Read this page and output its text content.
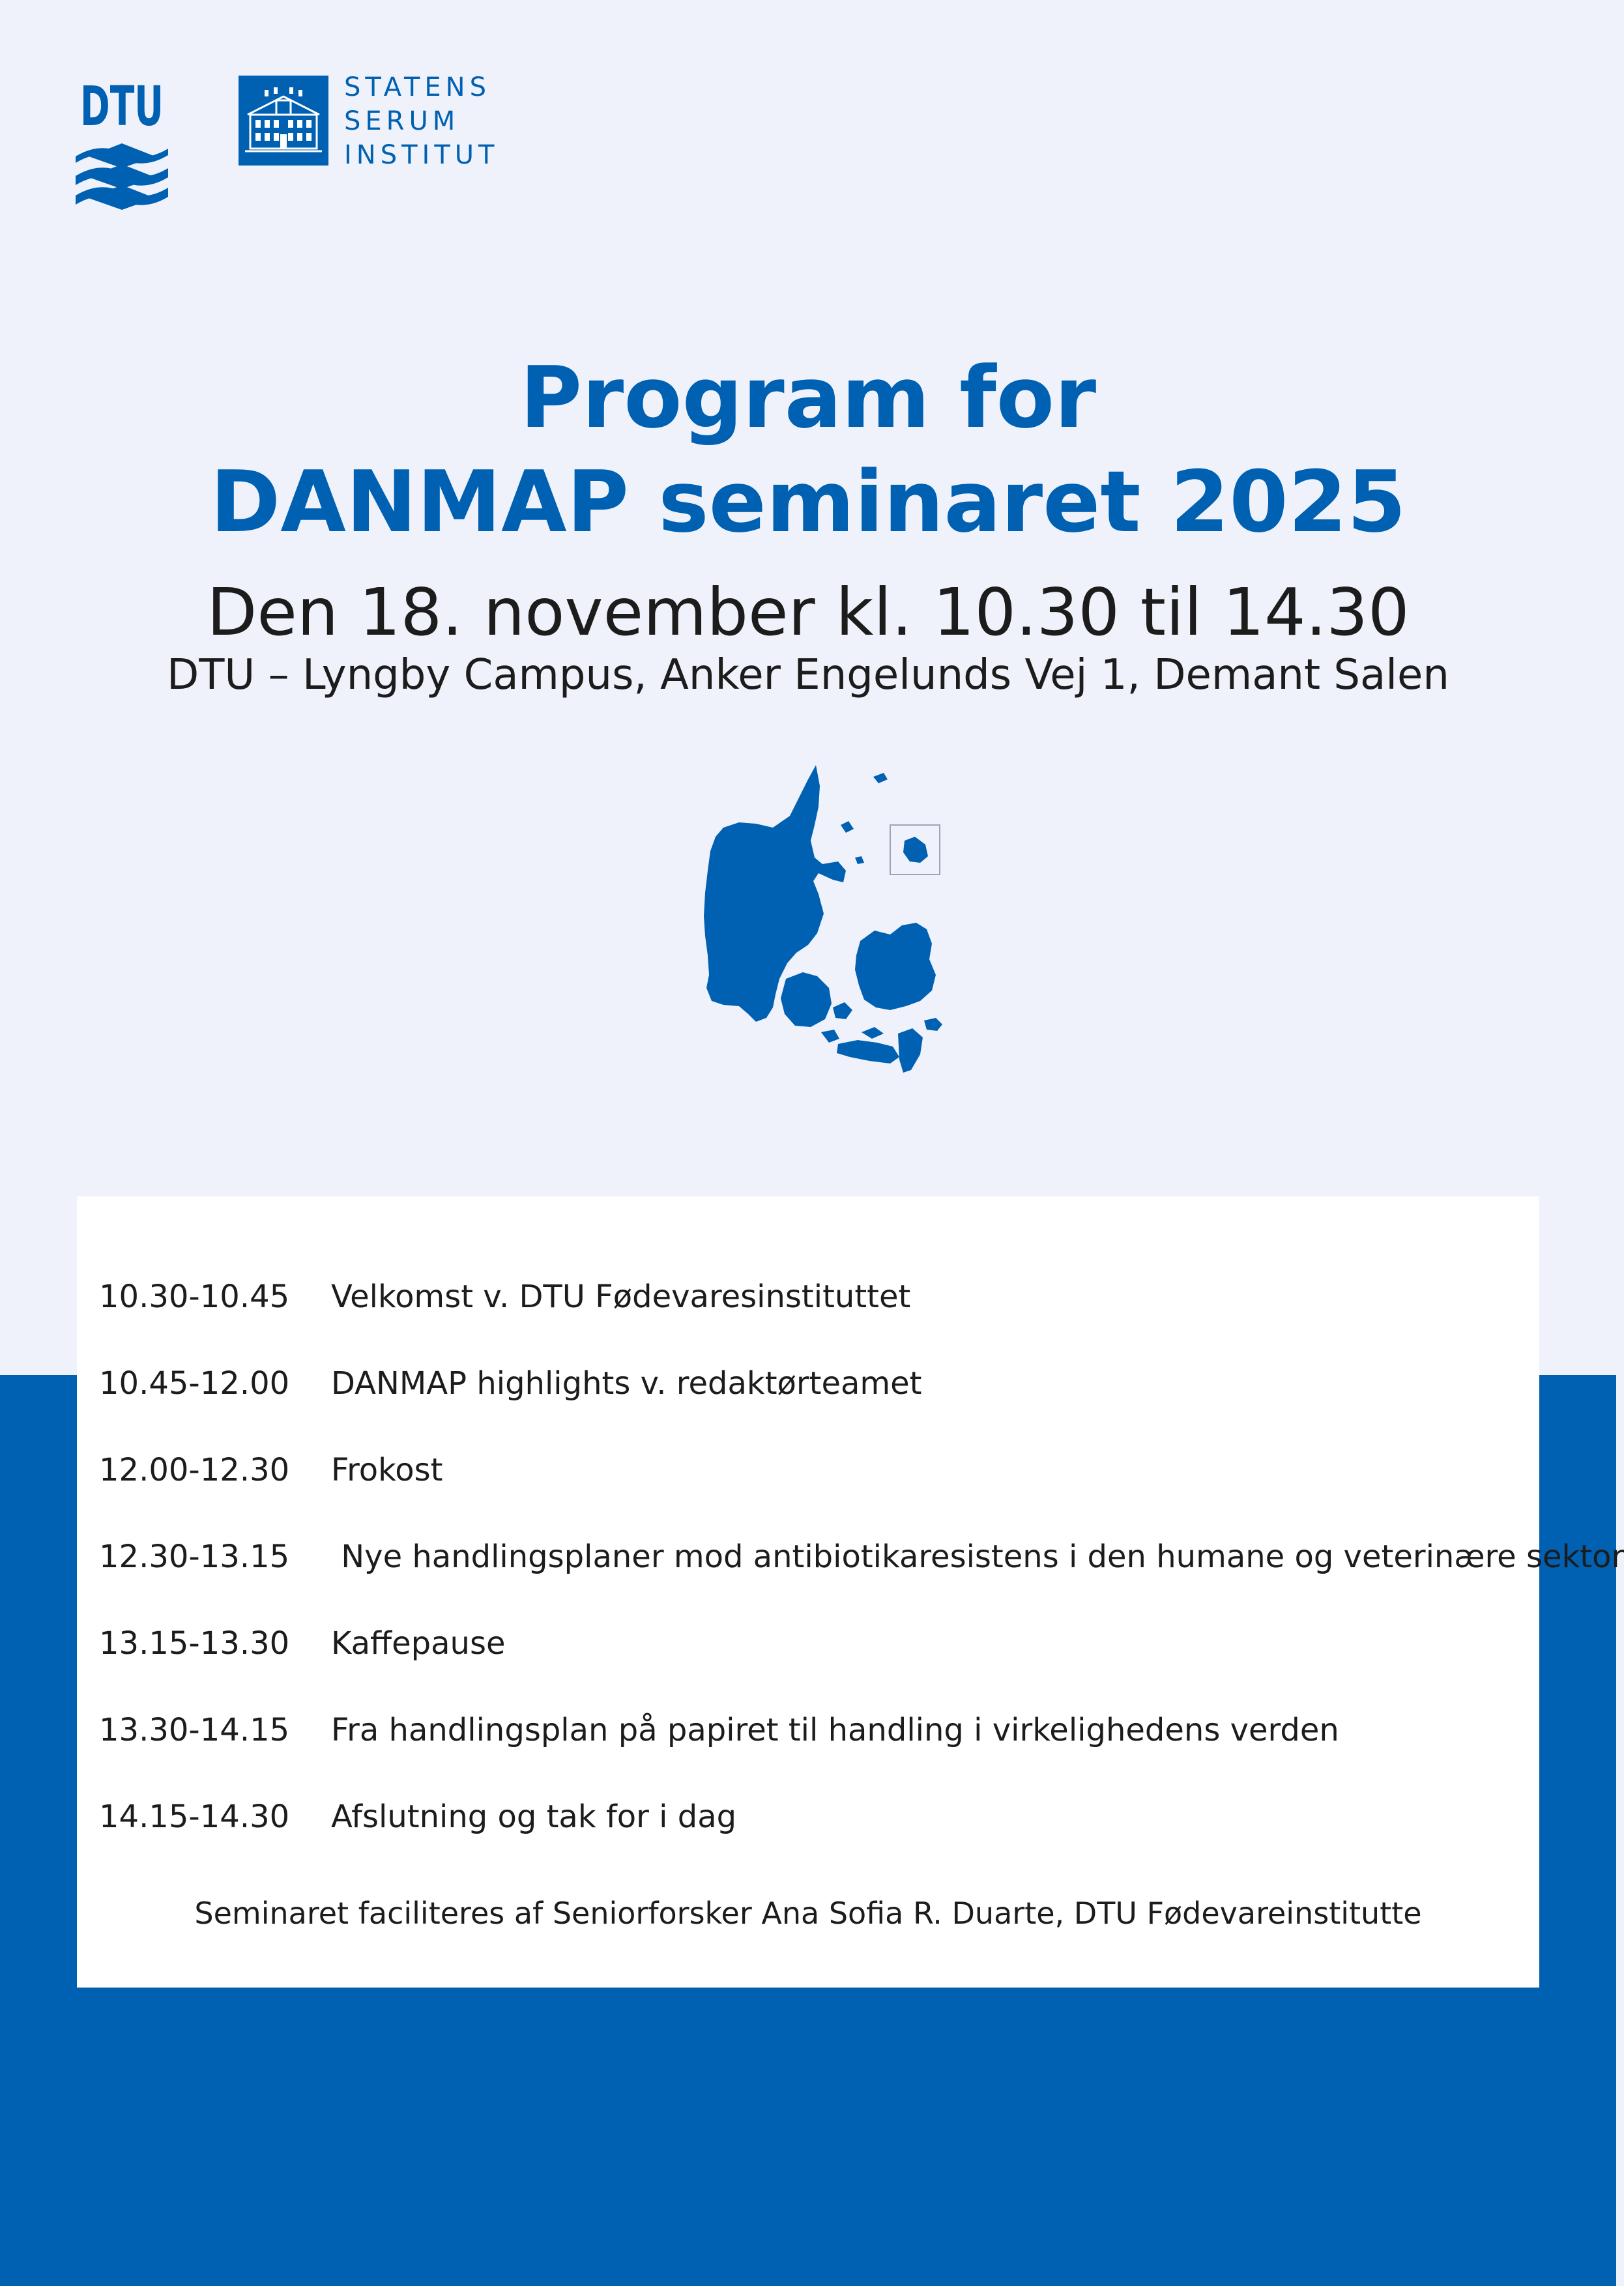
DTU	STATENS
SERUM
INSTITUT
Program for
DANMAP seminaret 2025
Den 18. november kl. 10.30 til 14.30
DTU – Lyngby Campus, Anker Engelunds Vej 1, Demant Salen
10.30-10.45 Velkomst v. DTU Fødevaresinstituttet
10.45-12.00 DANMAP highlights v. redaktørteamet
12.00-12.30 Frokost
12.30-13.15 Nye handlingsplaner mod antibiotikaresistens i den humane og veterinære sektor
13.15-13.30 Kaffepause
13.30-14.15 Fra handlingsplan på papiret til handling i virkelighedens verden
14.15-14.30 Afslutning og tak for i dag
Seminaret faciliteres af Seniorforsker Ana Sofia R. Duarte, DTU Fødevareinstitutte
